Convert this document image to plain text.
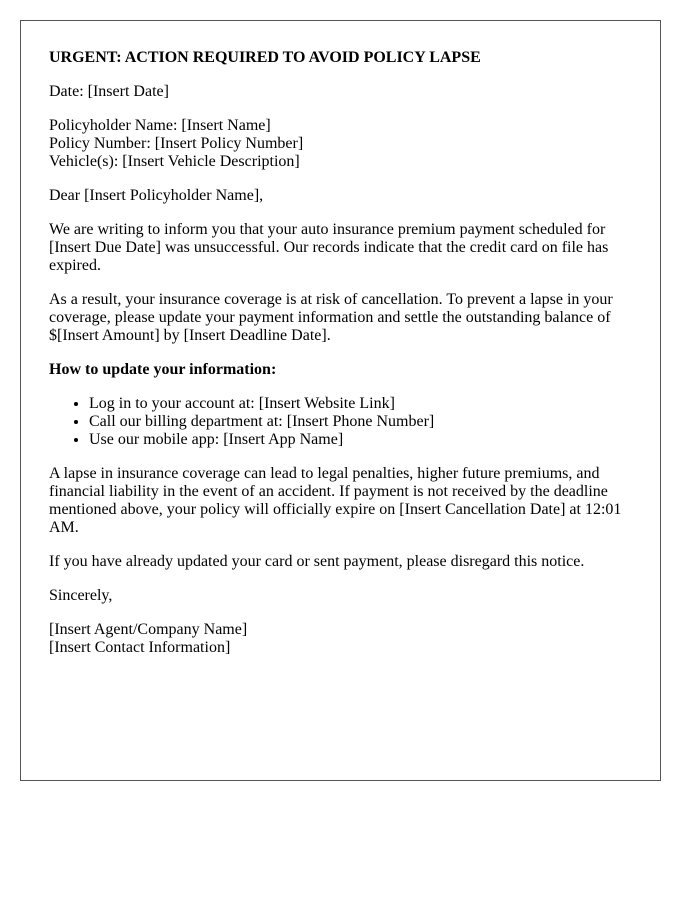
URGENT: ACTION REQUIRED TO AVOID POLICY LAPSE

Date: [Insert Date]

Policyholder Name: [Insert Name]
Policy Number: [Insert Policy Number]
Vehicle(s): [Insert Vehicle Description]

Dear [Insert Policyholder Name],

We are writing to inform you that your auto insurance premium payment scheduled for [Insert Due Date] was unsuccessful. Our records indicate that the credit card on file has expired.

As a result, your insurance coverage is at risk of cancellation. To prevent a lapse in your coverage, please update your payment information and settle the outstanding balance of $[Insert Amount] by [Insert Deadline Date].

How to update your information:
• Log in to your account at: [Insert Website Link]
• Call our billing department at: [Insert Phone Number]
• Use our mobile app: [Insert App Name]

A lapse in insurance coverage can lead to legal penalties, higher future premiums, and financial liability in the event of an accident. If payment is not received by the deadline mentioned above, your policy will officially expire on [Insert Cancellation Date] at 12:01 AM.

If you have already updated your card or sent payment, please disregard this notice.

Sincerely,

[Insert Agent/Company Name]
[Insert Contact Information]
